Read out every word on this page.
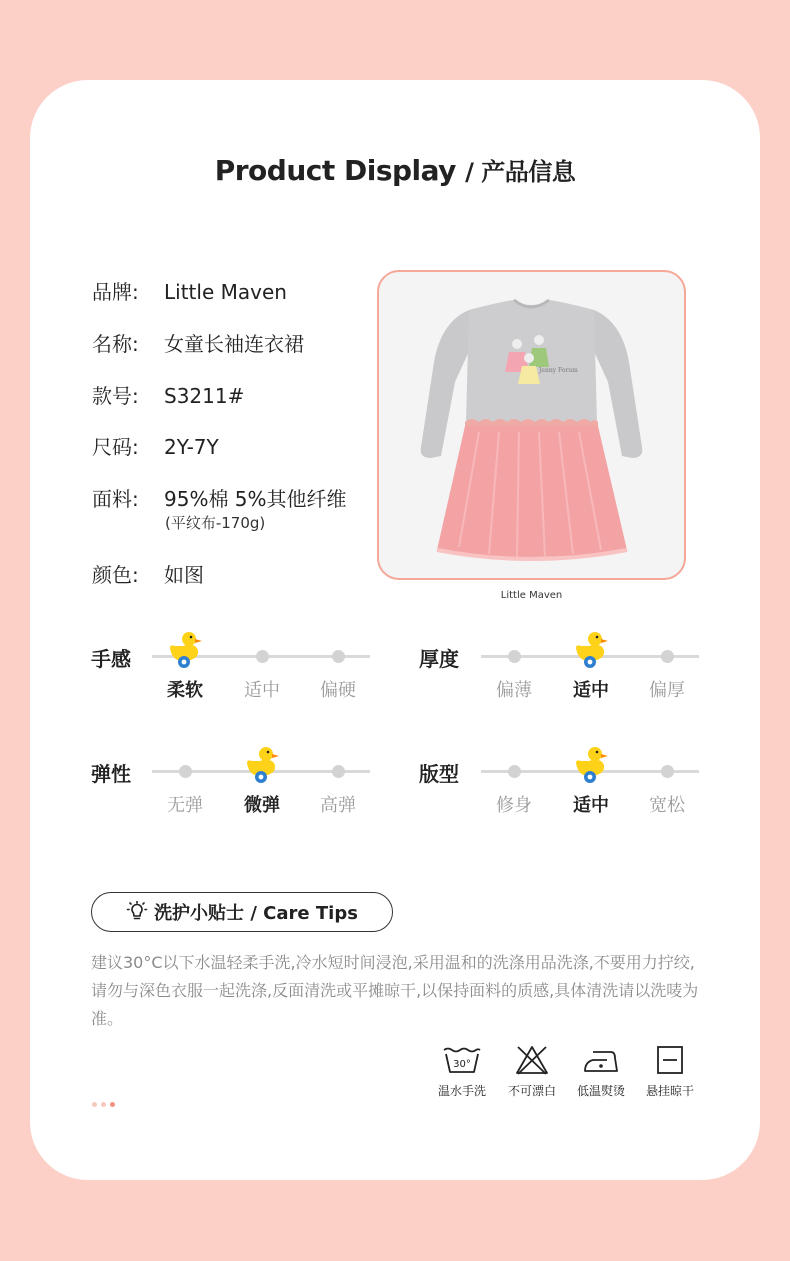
Product Display / 产品信息
品牌: Little Maven
名称: 女童长袖连衣裙
款号: S3211#
尺码: 2Y-7Y
面料: 95%棉 5%其他纤维
(平纹布-170g)
颜色: 如图
Jenny Forum
Little Maven
手感
柔软	适中	偏硬
厚度
偏薄	适中	偏厚
弹性
无弹	微弹	高弹
版型
修身	适中	宽松
洗护小贴士 / Care Tips
建议30°C以下水温轻柔手洗,冷水短时间浸泡,采用温和的洗涤用品洗涤,不要用力拧绞,请勿与深色衣服一起洗涤,反面清洗或平摊晾干,以保持面料的质感,具体清洗请以洗唛为准。
30°
温水手洗	不可漂白	低温熨烫	悬挂晾干
